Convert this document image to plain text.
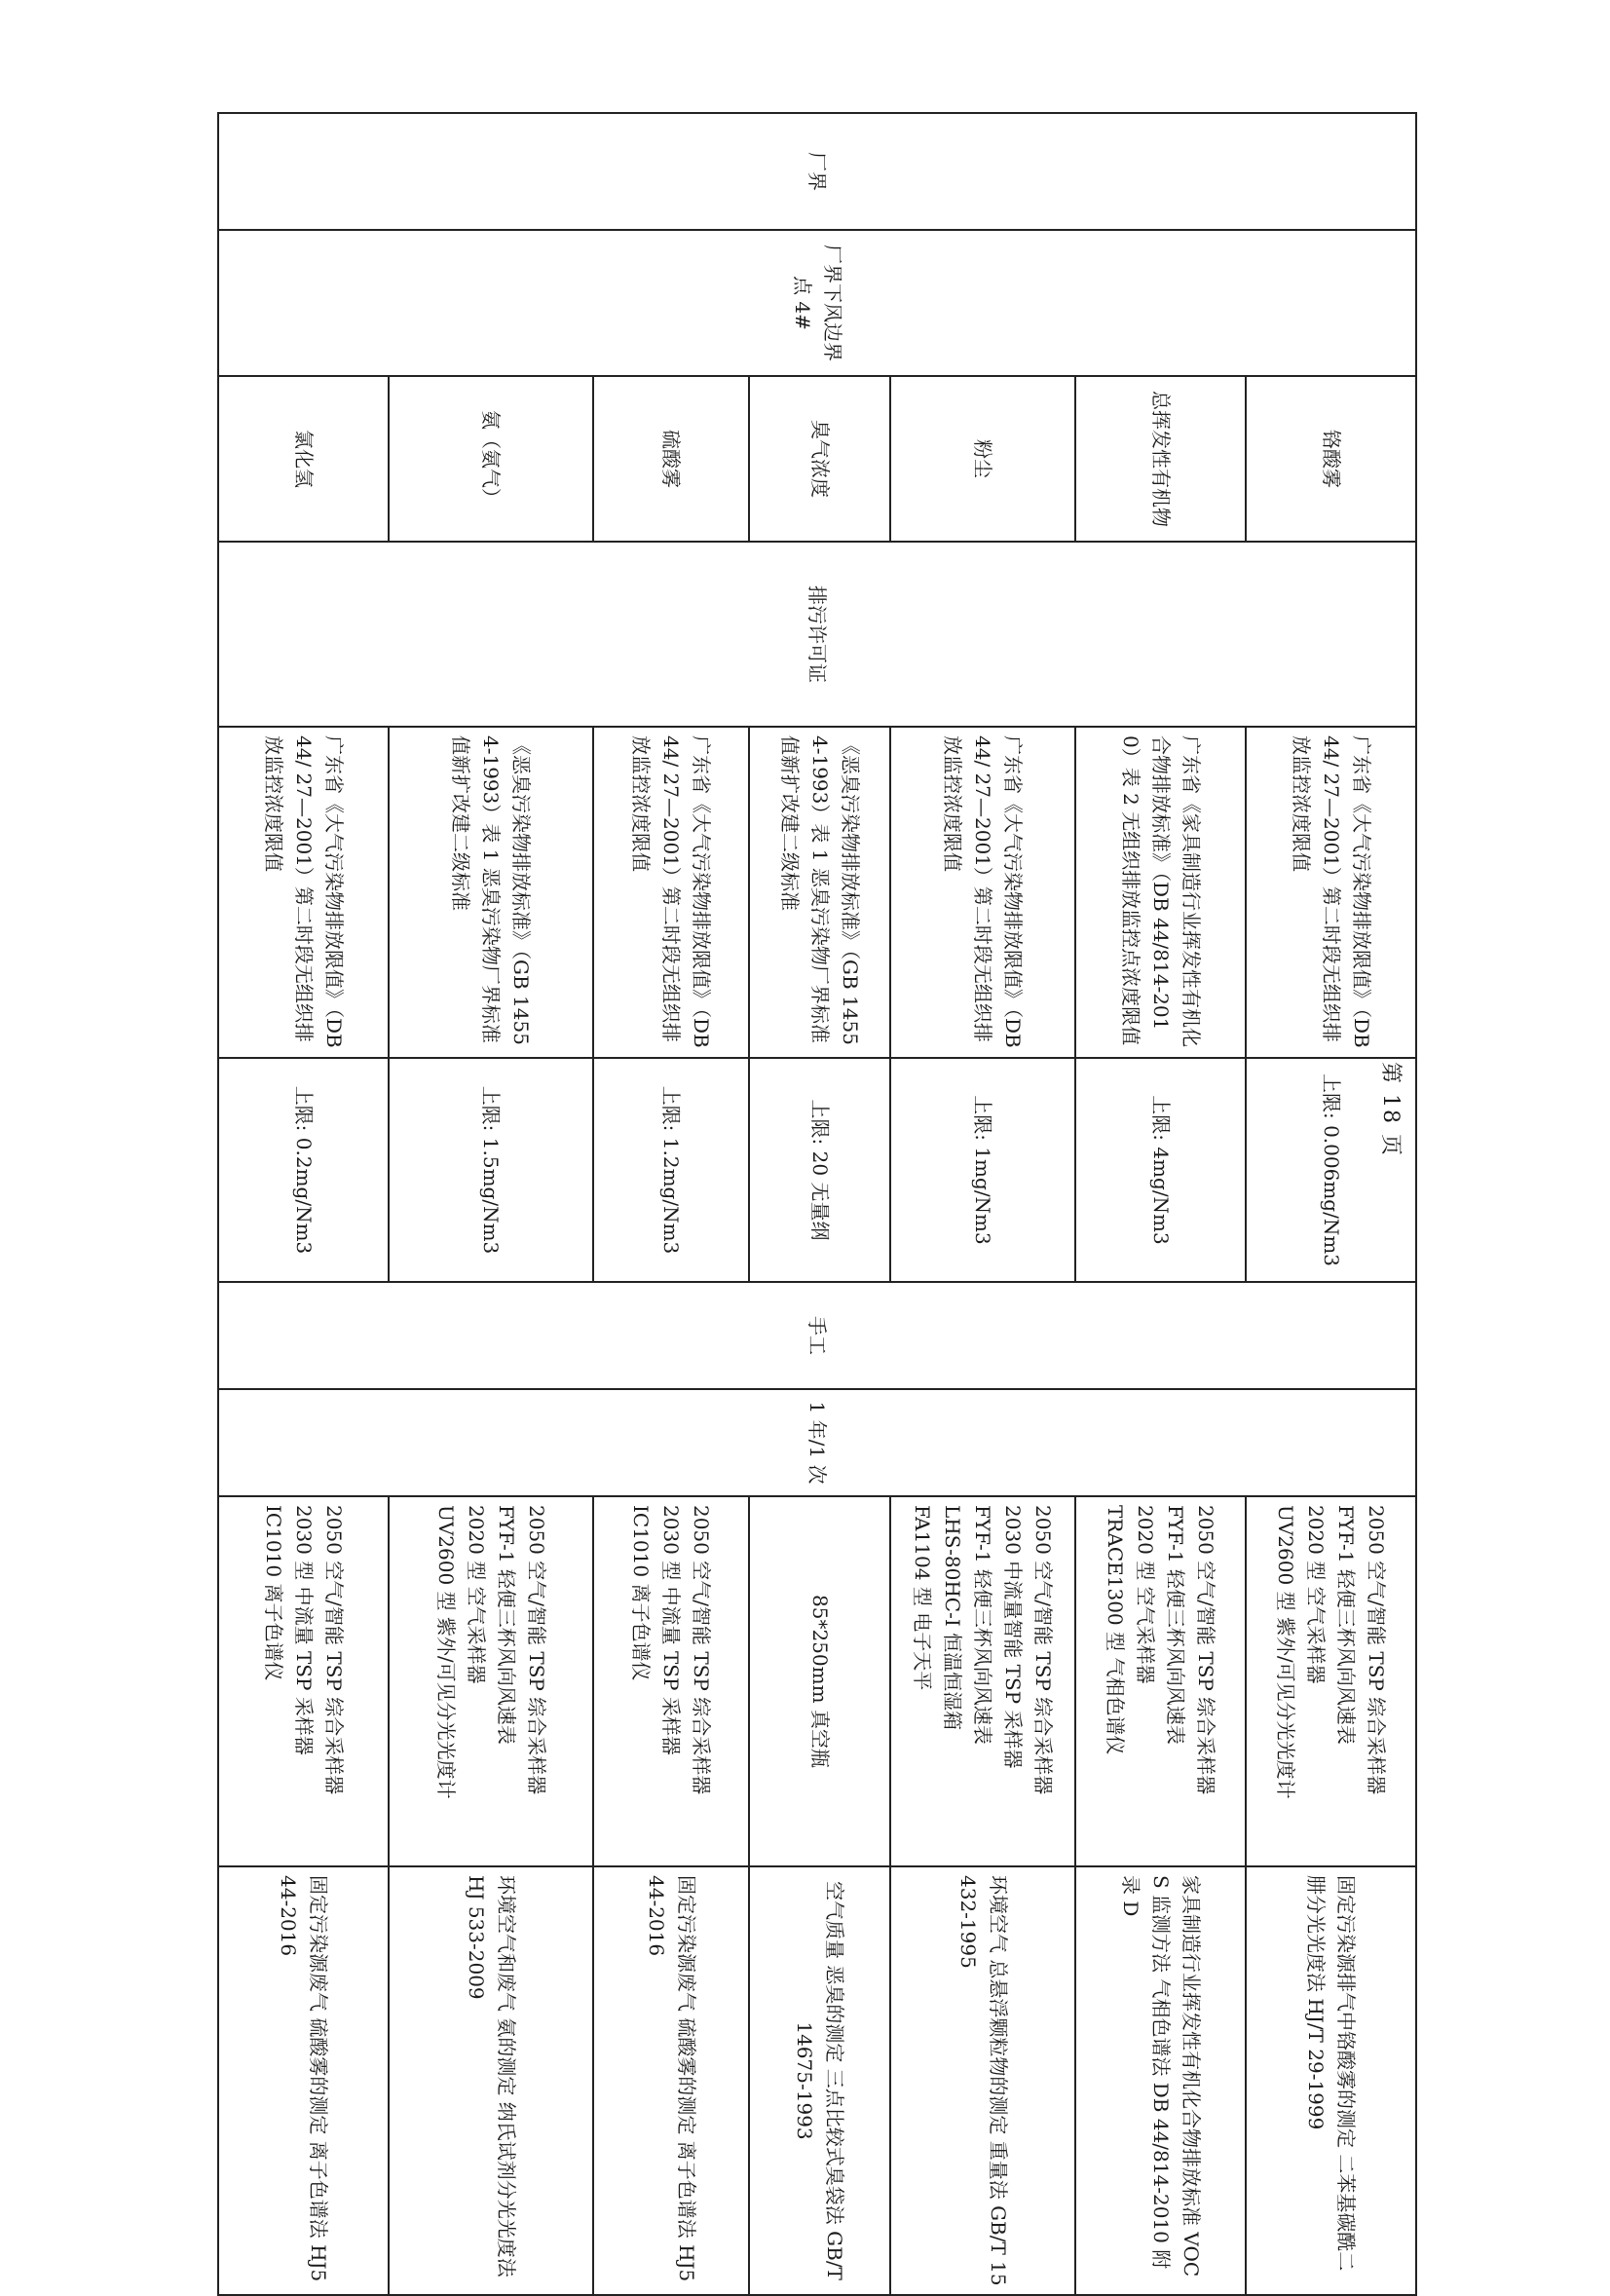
厂界	厂界下风边界点 4#	铬酸雾	排污许可证	广东省《大气污染物排放限值》（DB44/ 27—2001）第二时段无组织排放监控浓度限值	上限: 0.006mg/Nm3	手工	1 年/1 次	2050 空气/智能 TSP 综合采样器
FYF-1 轻便三杯风向风速表
2020 型 空气采样器
UV2600 型 紫外/可见分光光度计	固定污染源排气中铬酸雾的测定 二苯基碳酰二肼分光光度法 HJ/T 29-1999
		总挥发性有机物		广东省《家具制造行业挥发性有机化合物排放标准》（DB 44/814-2010）表 2 无组织排放监控点浓度限值	上限: 4mg/Nm3			2050 空气/智能 TSP 综合采样器
FYF-1 轻便三杯风向风速表
2020 型 空气采样器
TRACE1300 型 气相色谱仪	家具制造行业挥发性有机化合物排放标准 VOCS 监测方法 气相色谱法 DB 44/814-2010 附录 D
		粉尘		广东省《大气污染物排放限值》（DB44/ 27—2001）第二时段无组织排放监控浓度限值	上限: 1mg/Nm3			2050 空气/智能 TSP 综合采样器
2030 中流量智能 TSP 采样器
FYF-1 轻便三杯风向风速表
LHS-80HC-I 恒温恒湿箱
FA1104 型 电子天平	环境空气 总悬浮颗粒物的测定 重量法 GB/T 15432-1995
		臭气浓度		《恶臭污染物排放标准》（GB 14554-1993）表 1 恶臭污染物厂界标准值新扩改建二级标准	上限: 20 无量纲			85*250mm 真空瓶	空气质量 恶臭的测定 三点比较式臭袋法 GB/T14675-1993
		硫酸雾		广东省《大气污染物排放限值》（DB44/ 27—2001）第二时段无组织排放监控浓度限值	上限: 1.2mg/Nm3			2050 空气/智能 TSP 综合采样器
2030 型 中流量 TSP 采样器
IC1010 离子色谱仪	固定污染源废气 硫酸雾的测定 离子色谱法 HJ544-2016
		氨（氨气）		《恶臭污染物排放标准》（GB 14554-1993）表 1 恶臭污染物厂界标准值新扩改建二级标准	上限: 1.5mg/Nm3			2050 空气/智能 TSP 综合采样器
FYF-1 轻便三杯风向风速表
2020 型 空气采样器
UV2600 型 紫外/可见分光光度计	环境空气和废气 氨的测定 纳氏试剂分光光度法 HJ 533-2009
		氯化氢		广东省《大气污染物排放限值》（DB44/ 27—2001）第二时段无组织排放监控浓度限值	上限: 0.2mg/Nm3			2050 空气/智能 TSP 综合采样器
2030 型 中流量 TSP 采样器
IC1010 离子色谱仪	固定污染源废气 硫酸雾的测定 离子色谱法 HJ544-2016
第 18 页
